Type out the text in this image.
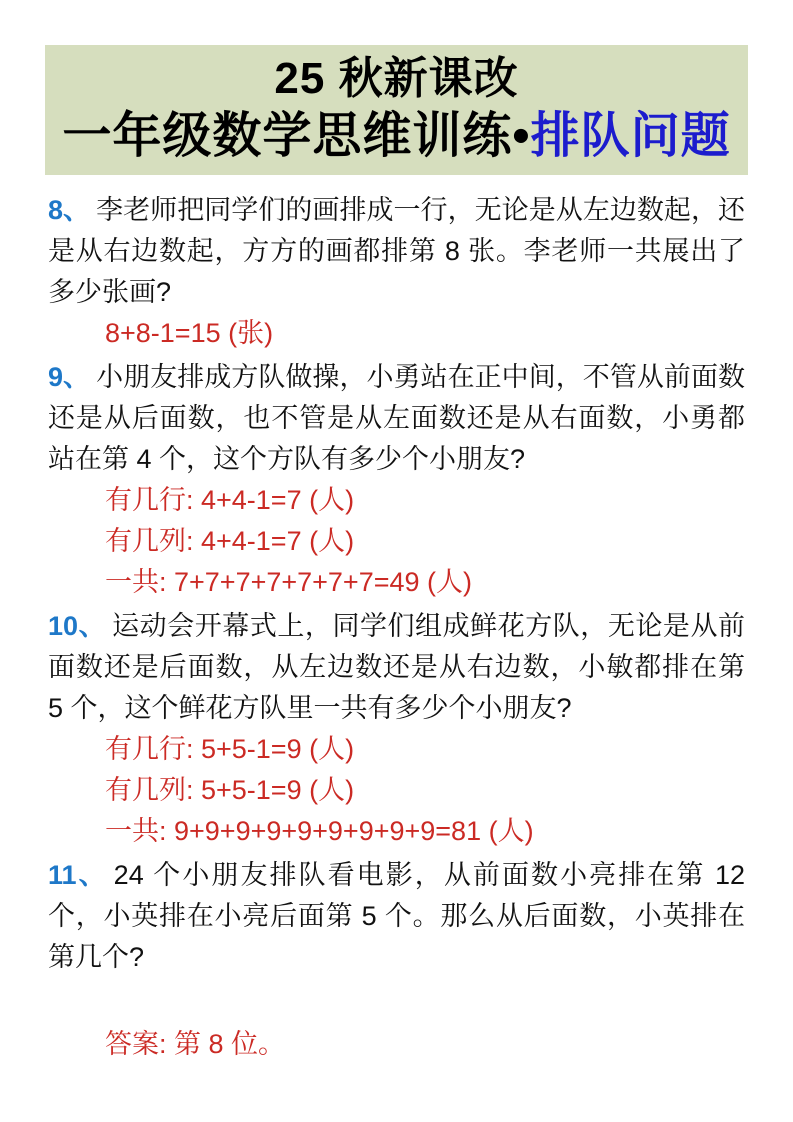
25 秋新课改
一年级数学思维训练•排队问题

8、 李老师把同学们的画排成一行，无论是从左边数起，还是从右边数起，方方的画都排第 8 张。李老师一共展出了多少张画?

8+8-1=15 (张)

9、 小朋友排成方队做操，小勇站在正中间，不管从前面数还是从后面数，也不管是从左面数还是从右面数，小勇都站在第 4 个，这个方队有多少个小朋友?

有几行: 4+4-1=7 (人)

有几列: 4+4-1=7 (人)

一共: 7+7+7+7+7+7+7=49 (人)

10、 运动会开幕式上，同学们组成鲜花方队，无论是从前面数还是后面数，从左边数还是从右边数，小敏都排在第 5 个，这个鲜花方队里一共有多少个小朋友?

有几行: 5+5-1=9 (人)

有几列: 5+5-1=9 (人)

一共: 9+9+9+9+9+9+9+9+9=81 (人)

11、 24 个小朋友排队看电影，从前面数小亮排在第 12 个，小英排在小亮后面第 5 个。那么从后面数，小英排在第几个?

答案: 第 8 位。
